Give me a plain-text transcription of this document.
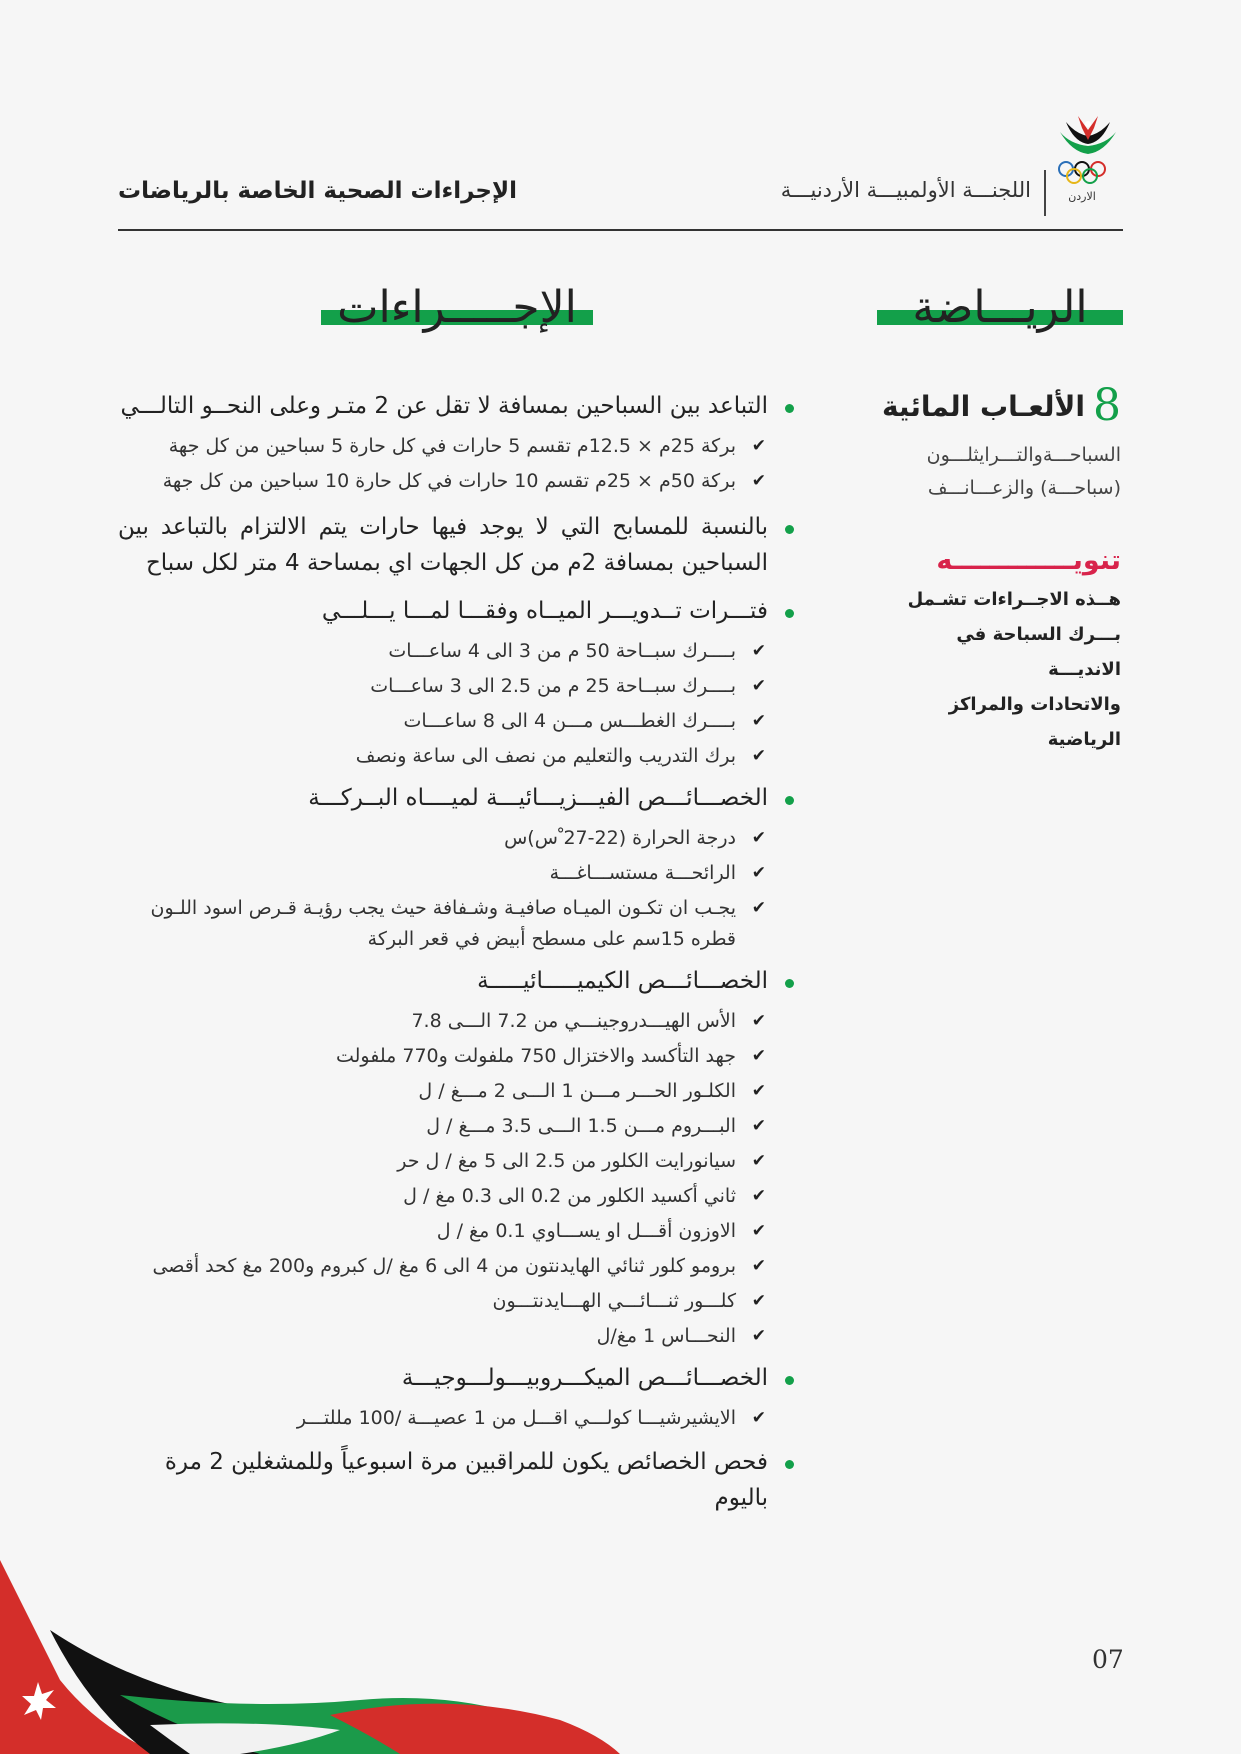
الاردن
اللجنـــة الأولمبيـــة الأردنيـــة
الإجراءات الصحية الخاصة بالرياضات
الريـــاضة
الإجـــــراءات
8الألعـاب المائية
السباحـــةوالتـــرايثلـــون
(سباحـــة) والزعـــانـــف
تنويـــــــــــــه
هــذه الاجــراءات تشـمل
بـــرك السباحة في الانديـــة
والاتحادات والمراكز الرياضية
التباعد بين السباحين بمسافة لا تقل عن 2 متـر وعلى النحــو التالـــي
✔ بركة 25م × 12.5م تقسم 5 حارات في كل حارة 5 سباحين من كل جهة
✔ بركة 50م × 25م تقسم 10 حارات في كل حارة 10 سباحين من كل جهة
بالنسبة للمسابح التي لا يوجد فيها حارات يتم الالتزام بالتباعد بين السباحين بمسافة 2م من كل الجهات اي بمساحة 4 متر لكل سباح
فتـــرات تــدويـــر الميــاه وفقـــا لمـــا يـــلـــي
✔ بــــرك سبــاحة 50 م من 3 الى 4 ساعـــات
✔ بــــرك سبــاحة 25 م من 2.5 الى 3 ساعـــات
✔ بــــرك الغطـــس مـــن 4 الى 8 ساعـــات
✔ برك التدريب والتعليم من نصف الى ساعة ونصف
الخصـــائـــص الفيـــزيـــائيـــة لميــــاه البــركـــة
✔ درجة الحرارة (22-27 ْس)س
✔ الرائحـــة مستســـاغـــة
✔ يجـب ان تكـون الميـاه صافيـة وشـفافة حيث يجب رؤيـة قـرص اسود اللـون قطره 15سم على مسطح أبيض في قعر البركة
الخصـــائـــص الكيميـــــائيـــــة
✔ الأس الهيـــدروجينـــي من 7.2 الـــى 7.8
✔ جهد التأكسد والاختزال 750 ملفولت و770 ملفولت
✔ الكلـور الحـــر مـــن 1 الـــى 2 مـــغ / ل
✔ البـــروم مـــن 1.5 الـــى 3.5 مـــغ / ل
✔ سيانورايت الكلور من 2.5 الى 5 مغ / ل حر
✔ ثاني أكسيد الكلور من 0.2 الى 0.3 مغ / ل
✔ الاوزون أقـــل او يســـاوي 0.1 مغ / ل
✔ برومو كلور ثنائي الهايدنتون من 4 الى 6 مغ /ل كبروم و200 مغ كحد أقصى
✔ كلـــور ثنـــائـــي الهـــايدنتـــون
✔ النحـــاس 1 مغ/ل
الخصـــائـــص الميكـــروبيـــولـــوجيـــة
✔ الايشيرشيـــا كولـــي اقـــل من 1 عصيـــة /100 مللتـــر
فحص الخصائص يكون للمراقبين مرة اسبوعياً وللمشغلين 2 مرة باليوم
07
